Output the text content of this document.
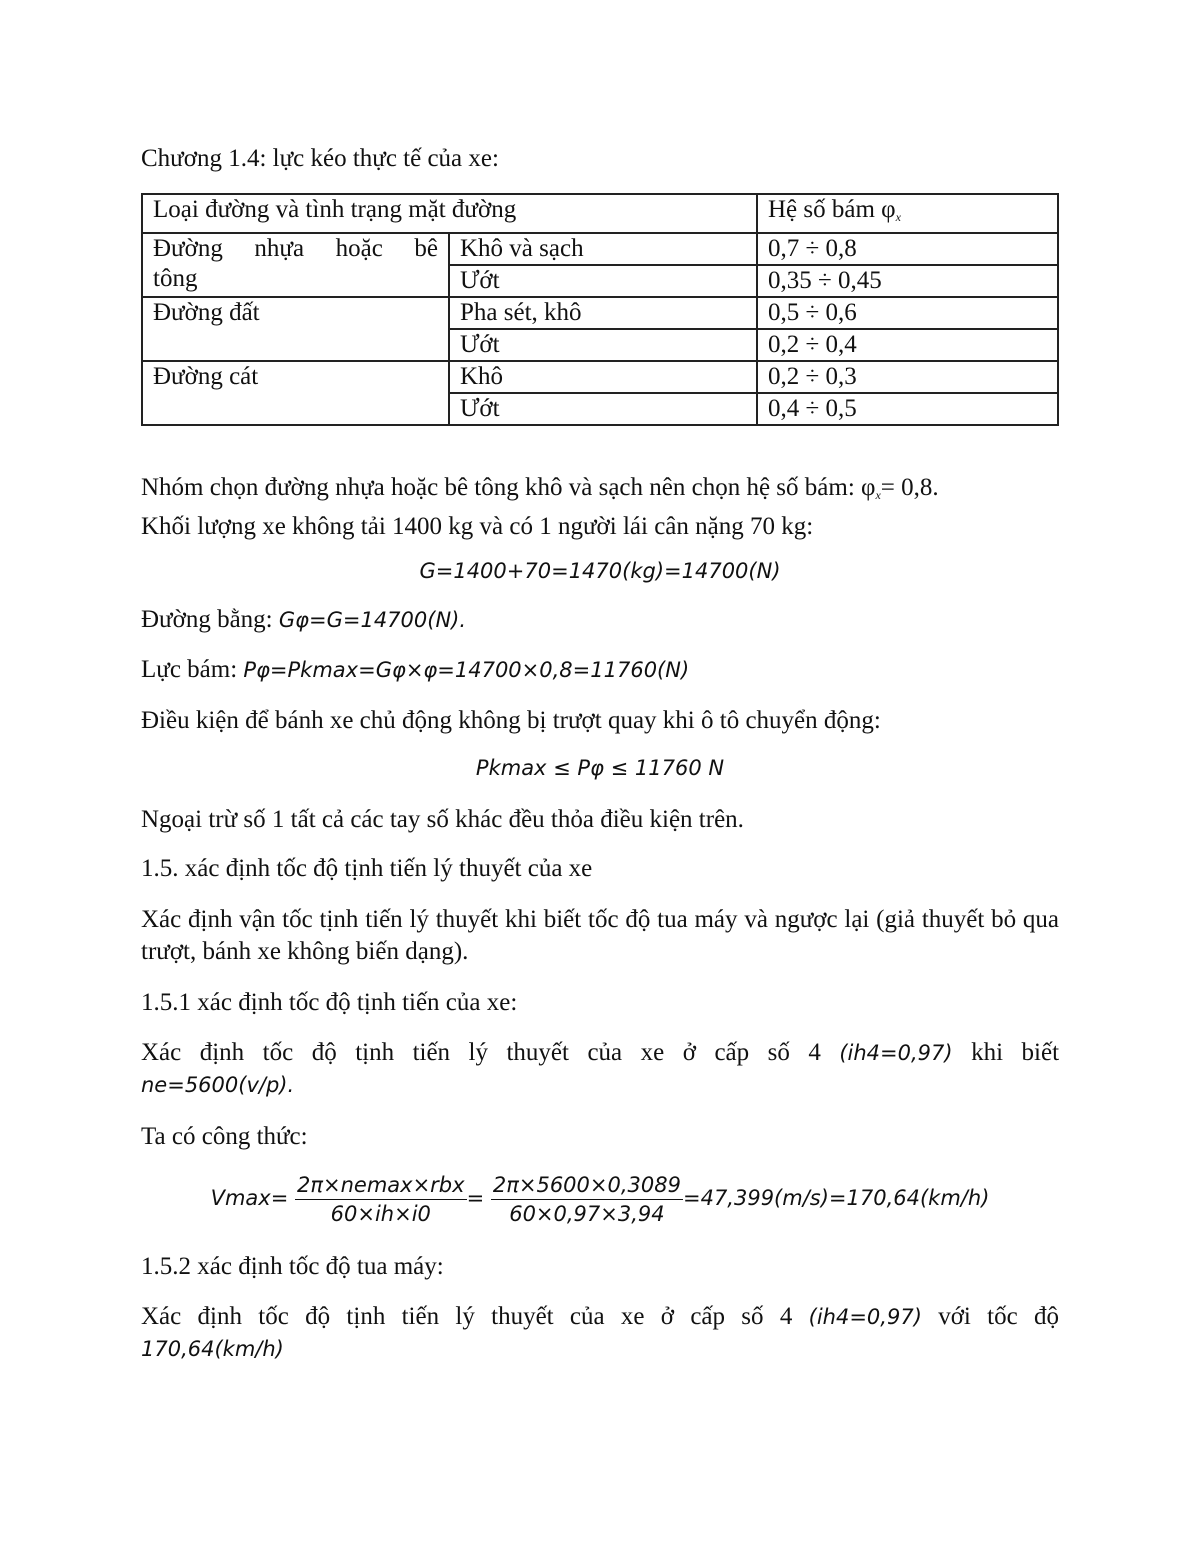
Chương 1.4: lực kéo thực tế của xe:
Loại đường và tình trạng mặt đường		Hệ số bám $\varphi_x$

Đường nhựa hoặc bê
tông	Khô và sạch	0,7 ÷ 0,8
	Ướt	0,35 ÷ 0,45
Đường đất	Pha sét, khô	0,5 ÷ 0,6
	Ướt	0,2 ÷ 0,4
Đường cát	Khô	0,2 ÷ 0,3
	Ướt	0,4 ÷ 0,5
Nhóm chọn đường nhựa hoặc bê tông khô và sạch nên chọn hệ số bám: $\varphi_x= 0,8$.
Khối lượng xe không tải 1400 kg và có 1 người lái cân nặng 70 kg:
G=1400+70=1470(kg)=14700(N)
Đường bằng: Gφ=G=14700(N).
Lực bám: Pφ=Pkmax=Gφ×φ=14700×0,8=11760(N)
Điều kiện để bánh xe chủ động không bị trượt quay khi ô tô chuyển động:
Pkmax ≤ Pφ ≤ 11760 N
Ngoại trừ số 1 tất cả các tay số khác đều thỏa điều kiện trên.
1.5. xác định tốc độ tịnh tiến lý thuyết của xe
Xác định vận tốc tịnh tiến lý thuyết khi biết tốc độ tua máy và ngược lại (giả thuyết bỏ qua trượt, bánh xe không biến dạng).
1.5.1 xác định tốc độ tịnh tiến của xe:
Xác định tốc độ tịnh tiến lý thuyết của xe ở cấp số 4 (ih4=0,97) khi biết
ne=5600(v/p).
Ta có công thức:
$Vmax= \frac{\text{2π×nemax×rbx}}{60\times ih\times i0} = \frac{2\pi\times 5600\times 0,3089}{60\times 0,97\times 3,94} =47,399(m/s)=170,64(km/h)$
1.5.2 xác định tốc độ tua máy:
Xác định tốc độ tịnh tiến lý thuyết của xe ở cấp số 4 (ih4=0,97) với tốc độ
170,64(km/h)
